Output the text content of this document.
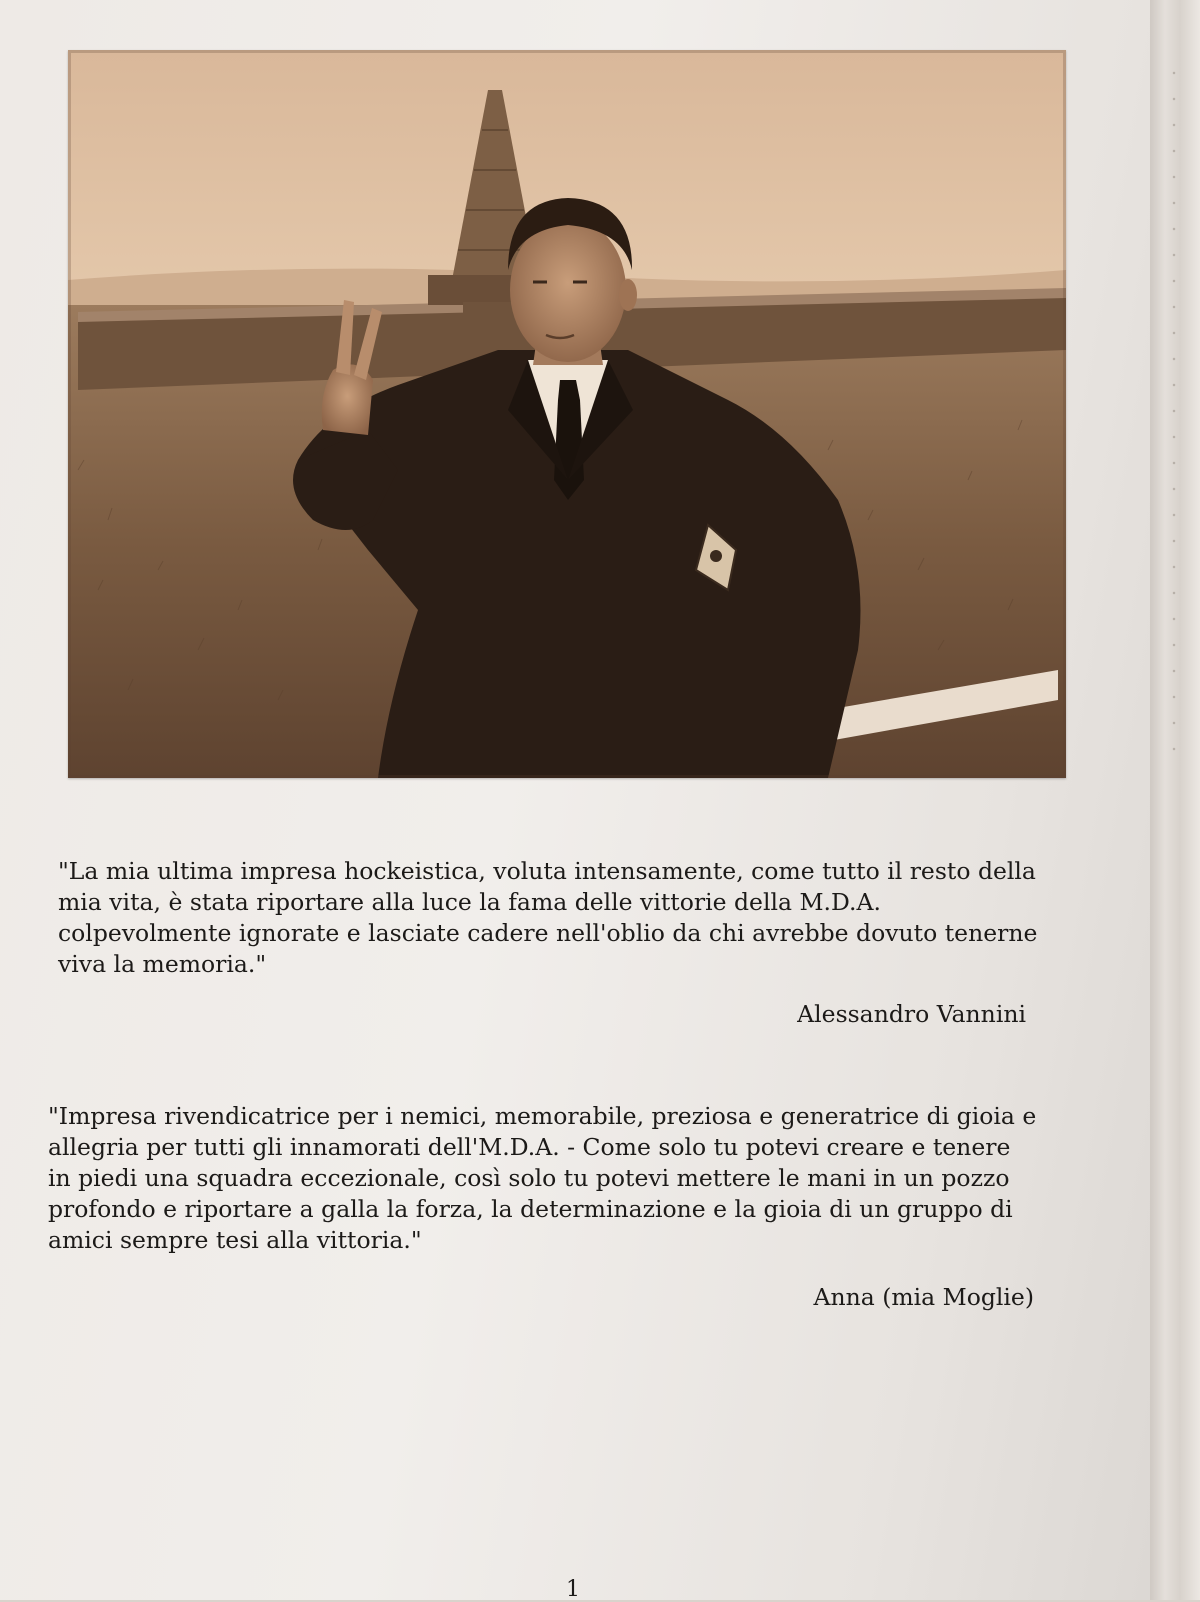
"La mia ultima impresa hockeistica, voluta intensamente, come tutto il resto della
mia vita, è stata riportare alla luce la fama delle vittorie della M.D.A.
colpevolmente ignorate e lasciate cadere nell'oblio da chi avrebbe dovuto tenerne
viva la memoria."

Alessandro Vannini

"Impresa rivendicatrice per i nemici, memorabile, preziosa e generatrice di gioia e
allegria per tutti gli innamorati dell'M.D.A. - Come solo tu potevi creare e tenere
in piedi una squadra eccezionale, così solo tu potevi mettere le mani in un pozzo
profondo e riportare a galla la forza, la determinazione e la gioia di un gruppo di
amici sempre tesi alla vittoria."

Anna (mia Moglie)

1
